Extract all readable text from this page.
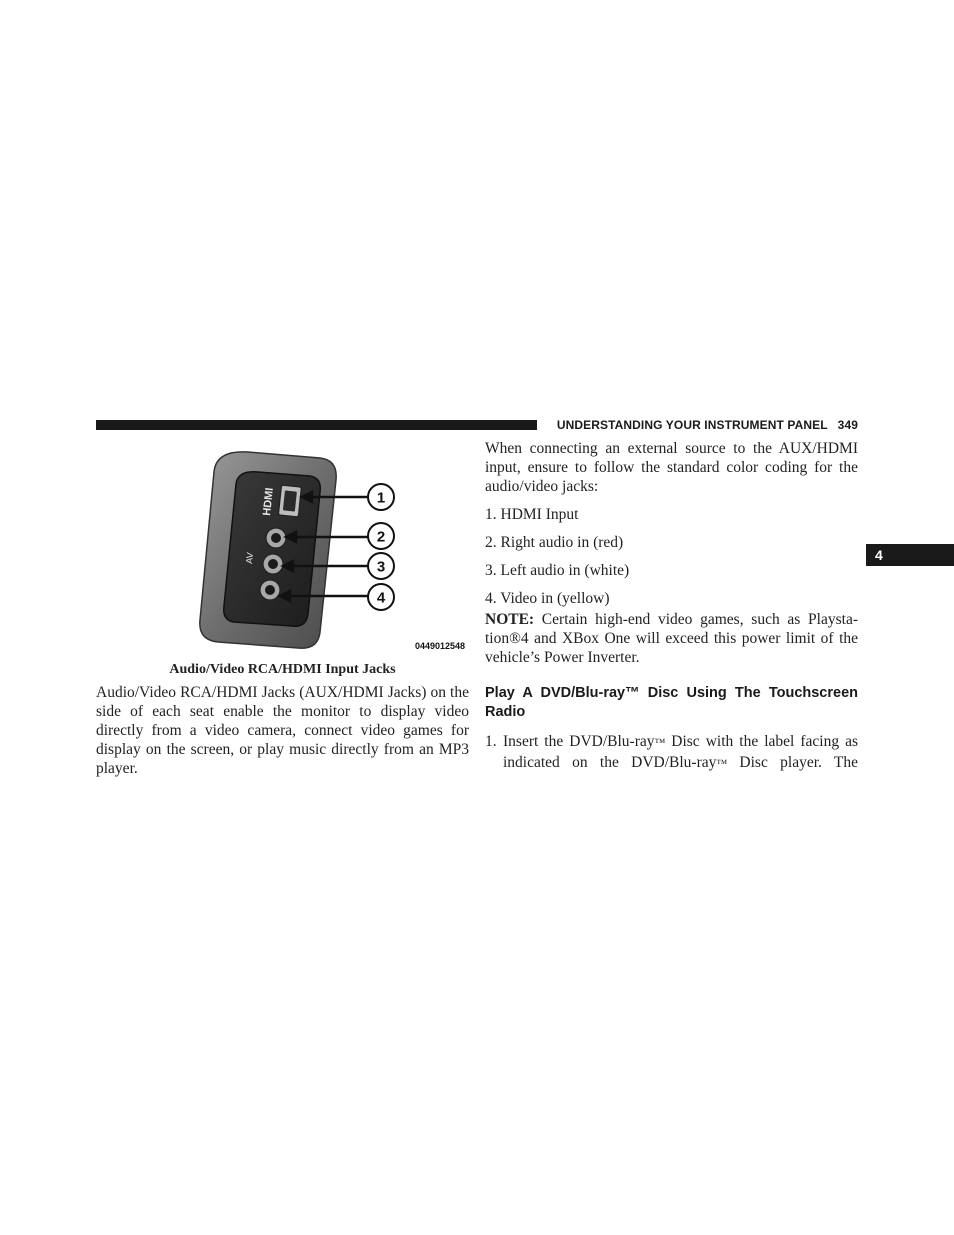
UNDERSTANDING YOUR INSTRUMENT PANEL 349
4
HDMI
AV
1
2
3
4
0449012548
Audio/Video RCA/HDMI Input Jacks
Audio/Video RCA/HDMI Jacks (AUX/HDMI Jacks) on the side of each seat enable the monitor to display video directly from a video camera, connect video games for display on the screen, or play music directly from an MP3 player.

When connecting an external source to the AUX/HDMI input, ensure to follow the standard color coding for the audio/video jacks:

1. HDMI Input
2. Right audio in (red)
3. Left audio in (white)
4. Video in (yellow)

NOTE: Certain high-end video games, such as Playsta-tion®4 and XBox One will exceed this power limit of the vehicle’s Power Inverter.

Play A DVD/Blu-ray™ Disc Using The Touchscreen Radio
1. Insert the DVD/Blu-ray™ Disc with the label facing as indicated on the DVD/Blu-ray™ Disc player. The
